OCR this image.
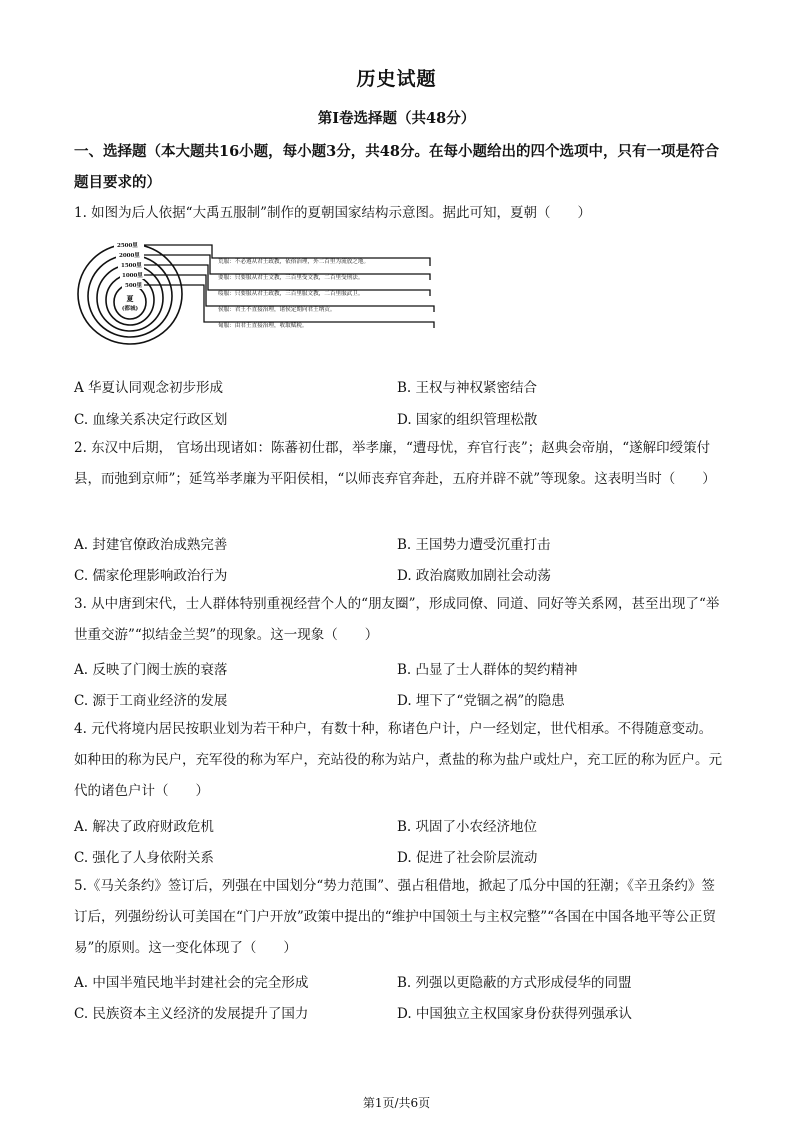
历史试题
第Ⅰ卷选择题（共48分）
一、选择题（本大题共16小题，每小题3分，共48分。在每小题给出的四个选项中，只有一项是符合题目要求的）
1. 如图为后人依据“大禹五服制”制作的夏朝国家结构示意图。据此可知，夏朝（　　）
2500里
2000里
1500里
1000里
500里
夏
(都城)
荒服：不必遵从君王政教，依俗治理，外二百里为流放之地。
要服：只要服从君王文教，三百里受文教，二百里受刑法。
绥服：只要服从君王政教，三百里服文教，二百里服武卫。
侯服：君王不直接治理，诸侯定期向君王纳贡。
甸服：由君王直接治理，收取赋税。
A 华夏认同观念初步形成	B. 王权与神权紧密结合
C. 血缘关系决定行政区划	D. 国家的组织管理松散
2. 东汉中后期， 官场出现诸如：陈蕃初仕郡，举孝廉，“遭母忧，弃官行丧”；赵典会帝崩，“遂解印绶策付县，而弛到京师”；延笃举孝廉为平阳侯相，“以师丧弃官奔赴，五府并辟不就”等现象。这表明当时（　　）
A. 封建官僚政治成熟完善	B. 王国势力遭受沉重打击
C. 儒家伦理影响政治行为	D. 政治腐败加剧社会动荡
3. 从中唐到宋代，士人群体特别重视经营个人的“朋友圈”，形成同僚、同道、同好等关系网，甚至出现了“举世重交游”“拟结金兰契”的现象。这一现象（　　）
A. 反映了门阀士族的衰落	B. 凸显了士人群体的契约精神
C. 源于工商业经济的发展	D. 埋下了“党锢之祸”的隐患
4. 元代将境内居民按职业划为若干种户，有数十种，称诸色户计，户一经划定，世代相承。不得随意变动。如种田的称为民户，充军役的称为军户，充站役的称为站户，煮盐的称为盐户或灶户，充工匠的称为匠户。元代的诸色户计（　　）
A. 解决了政府财政危机	B. 巩固了小农经济地位
C. 强化了人身依附关系	D. 促进了社会阶层流动
5.《马关条约》签订后，列强在中国划分“势力范围”、强占租借地，掀起了瓜分中国的狂潮；《辛丑条约》签订后，列强纷纷认可美国在“门户开放”政策中提出的“维护中国领土与主权完整”“各国在中国各地平等公正贸易”的原则。这一变化体现了（　　）
A. 中国半殖民地半封建社会的完全形成	B. 列强以更隐蔽的方式形成侵华的同盟
C. 民族资本主义经济的发展提升了国力	D. 中国独立主权国家身份获得列强承认
第1页/共6页
